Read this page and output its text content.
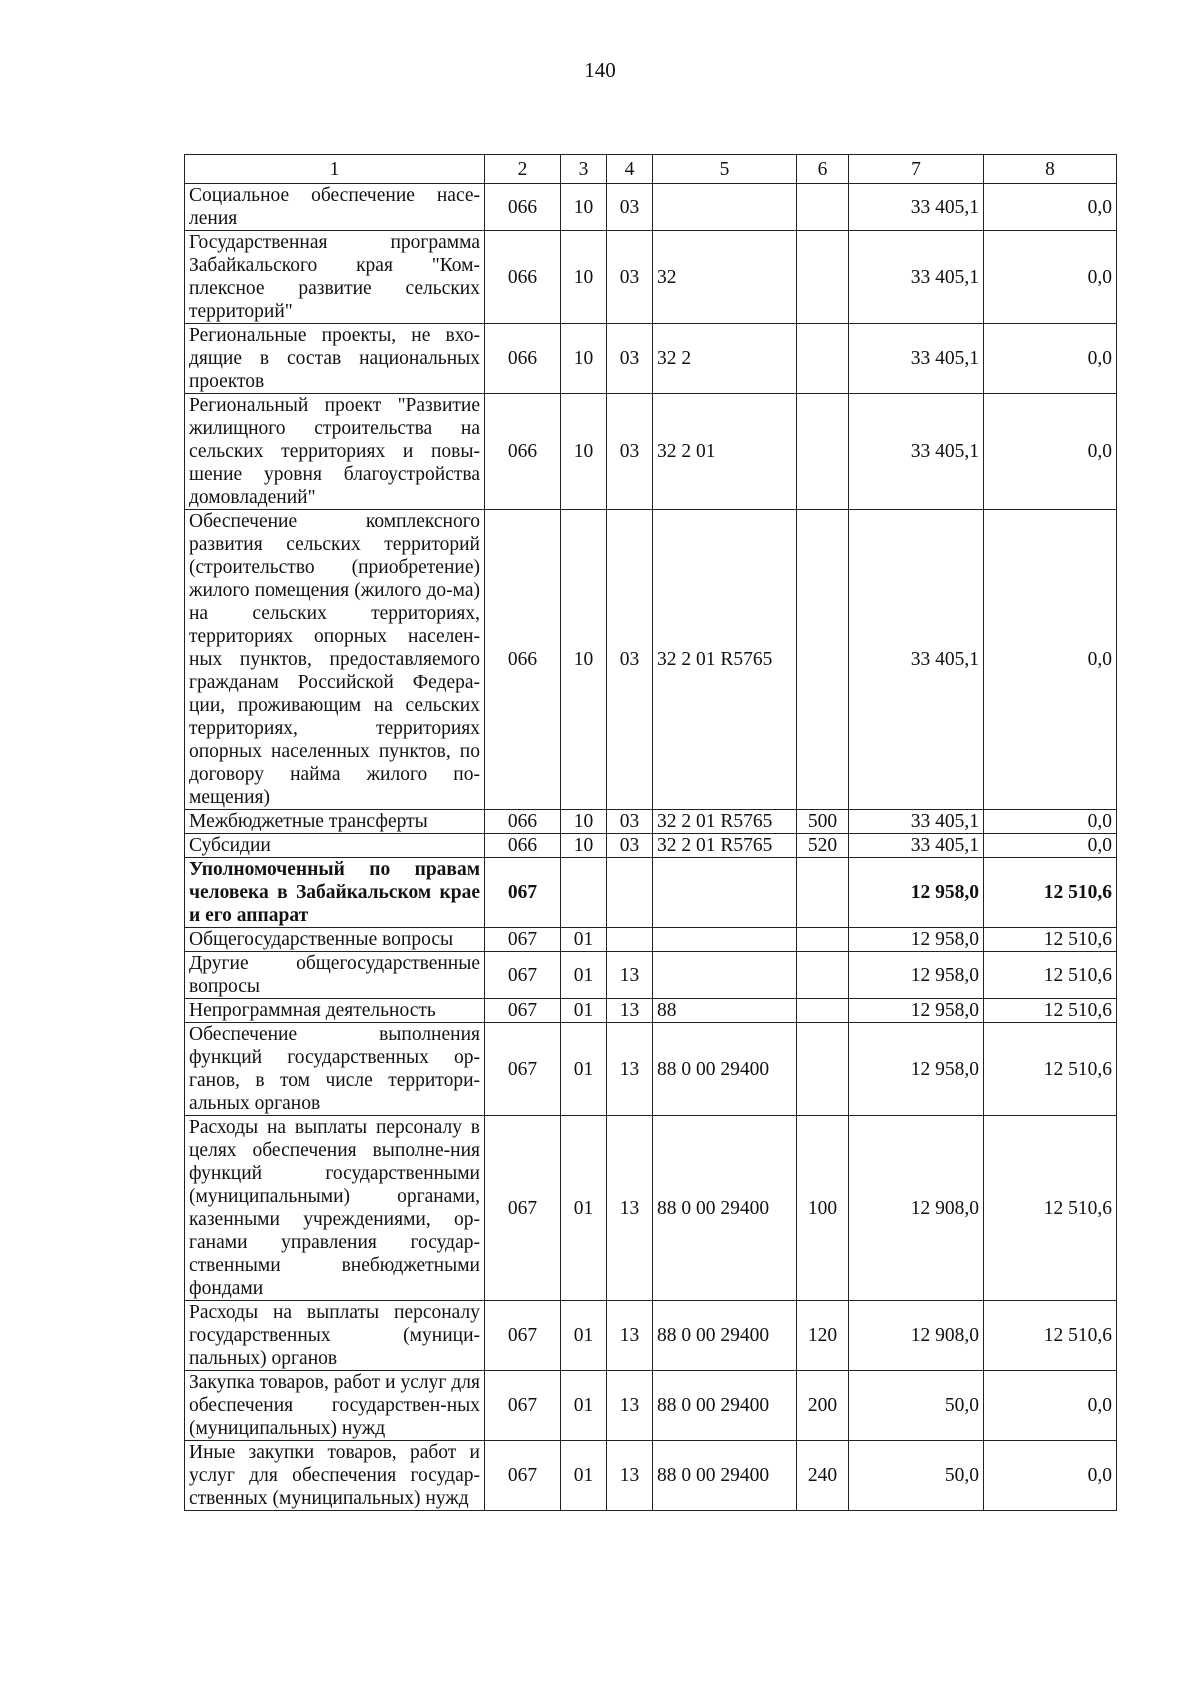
140
1	2	3	4	5	6	7	8
Социальное обеспечение насе-ления	066	10	03			33 405,1	0,0
Государственная программа Забайкальского края "Ком-плексное развитие сельских территорий"	066	10	03	32		33 405,1	0,0
Региональные проекты, не вхо-дящие в состав национальных проектов	066	10	03	32 2		33 405,1	0,0
Региональный проект "Развитие жилищного строительства на сельских территориях и повы-шение уровня благоустройства домовладений"	066	10	03	32 2 01		33 405,1	0,0
Обеспечение комплексного развития сельских территорий (строительство (приобретение) жилого помещения (жилого до-ма) на сельских территориях, территориях опорных населен-ных пунктов, предоставляемого гражданам Российской Федера-ции, проживающим на сельских территориях, территориях опорных населенных пунктов, по договору найма жилого по-мещения)	066	10	03	32 2 01 R5765		33 405,1	0,0
Межбюджетные трансферты	066	10	03	32 2 01 R5765	500	33 405,1	0,0
Субсидии	066	10	03	32 2 01 R5765	520	33 405,1	0,0
Уполномоченный по правам человека в Забайкальском крае и его аппарат	067					12 958,0	12 510,6
Общегосударственные вопросы	067	01				12 958,0	12 510,6
Другие общегосударственные вопросы	067	01	13			12 958,0	12 510,6
Непрограммная деятельность	067	01	13	88		12 958,0	12 510,6
Обеспечение выполнения функций государственных ор-ганов, в том числе территори-альных органов	067	01	13	88 0 00 29400		12 958,0	12 510,6
Расходы на выплаты персоналу в целях обеспечения выполне-ния функций государственными (муниципальными) органами, казенными учреждениями, ор-ганами управления государ-ственными внебюджетными фондами	067	01	13	88 0 00 29400	100	12 908,0	12 510,6
Расходы на выплаты персоналу государственных (муници-пальных) органов	067	01	13	88 0 00 29400	120	12 908,0	12 510,6
Закупка товаров, работ и услуг для обеспечения государствен-ных (муниципальных) нужд	067	01	13	88 0 00 29400	200	50,0	0,0
Иные закупки товаров, работ и услуг для обеспечения государ-ственных (муниципальных) нужд	067	01	13	88 0 00 29400	240	50,0	0,0
